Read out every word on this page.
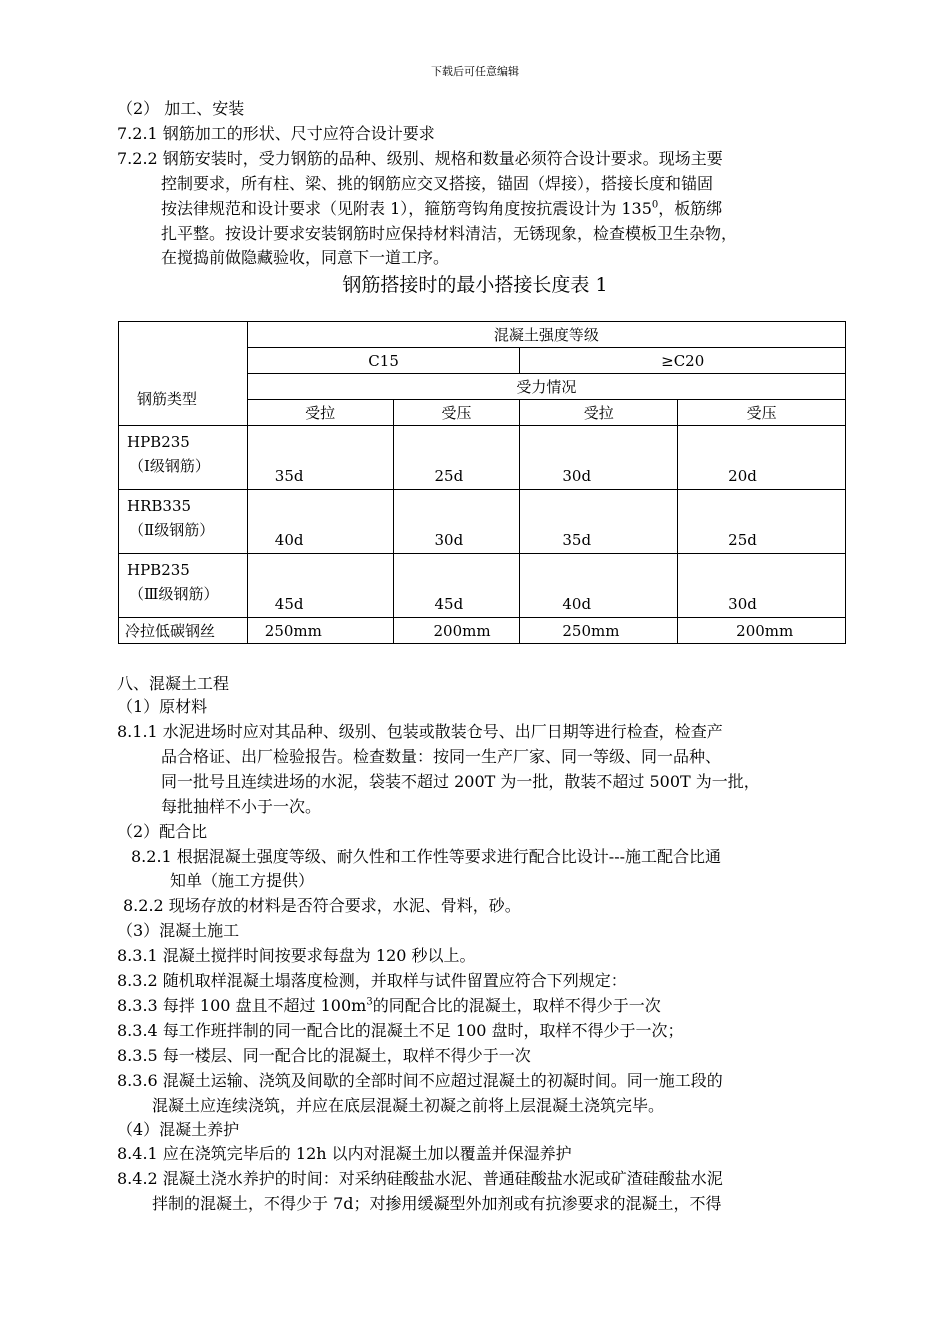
下载后可任意编辑
（2） 加工、安装
7.2.1 钢筋加工的形状、尺寸应符合设计要求
7.2.2 钢筋安装时，受力钢筋的品种、级别、规格和数量必须符合设计要求。现场主要
控制要求，所有柱、梁、挑的钢筋应交叉搭接，锚固（焊接），搭接长度和锚固
按法律规范和设计要求（见附表 1），箍筋弯钩角度按抗震设计为 $135^0$，板筋绑
扎平整。按设计要求安装钢筋时应保持材料清洁，无锈现象，检查模板卫生杂物，
在搅捣前做隐藏验收，同意下一道工序。
钢筋搭接时的最小搭接长度表 1
钢筋类型	混凝土强度等级			
	C15		≥C20	
	受力情况			
	受拉	受压	受拉	受压
HPB235
（Ⅰ级钢筋）	35d	25d	30d	20d
HRB335
（Ⅱ级钢筋）	40d	30d	35d	25d
HPB235
（Ⅲ级钢筋）	45d	45d	40d	30d
冷拉低碳钢丝	250mm	200mm	250mm	200mm
八、混凝土工程
（1）原材料
8.1.1 水泥进场时应对其品种、级别、包装或散装仓号、出厂日期等进行检查，检查产
品合格证、出厂检验报告。检查数量：按同一生产厂家、同一等级、同一品种、
同一批号且连续进场的水泥，袋装不超过 200T 为一批，散装不超过 500T 为一批，
每批抽样不小于一次。
（2）配合比
8.2.1 根据混凝土强度等级、耐久性和工作性等要求进行配合比设计---施工配合比通
知单（施工方提供）
8.2.2 现场存放的材料是否符合要求，水泥、骨料，砂。
（3）混凝土施工
8.3.1 混凝土搅拌时间按要求每盘为 120 秒以上。
8.3.2 随机取样混凝土塌落度检测，并取样与试件留置应符合下列规定：
8.3.3 每拌 100 盘且不超过 $100m^3$的同配合比的混凝土，取样不得少于一次
8.3.4 每工作班拌制的同一配合比的混凝土不足 100 盘时，取样不得少于一次；
8.3.5 每一楼层、同一配合比的混凝土，取样不得少于一次
8.3.6 混凝土运输、浇筑及间歇的全部时间不应超过混凝土的初凝时间。同一施工段的
混凝土应连续浇筑，并应在底层混凝土初凝之前将上层混凝土浇筑完毕。
（4）混凝土养护
8.4.1 应在浇筑完毕后的 12h 以内对混凝土加以覆盖并保湿养护
8.4.2 混凝土浇水养护的时间：对采纳硅酸盐水泥、普通硅酸盐水泥或矿渣硅酸盐水泥
拌制的混凝土，不得少于 7d；对掺用缓凝型外加剂或有抗渗要求的混凝土，不得
